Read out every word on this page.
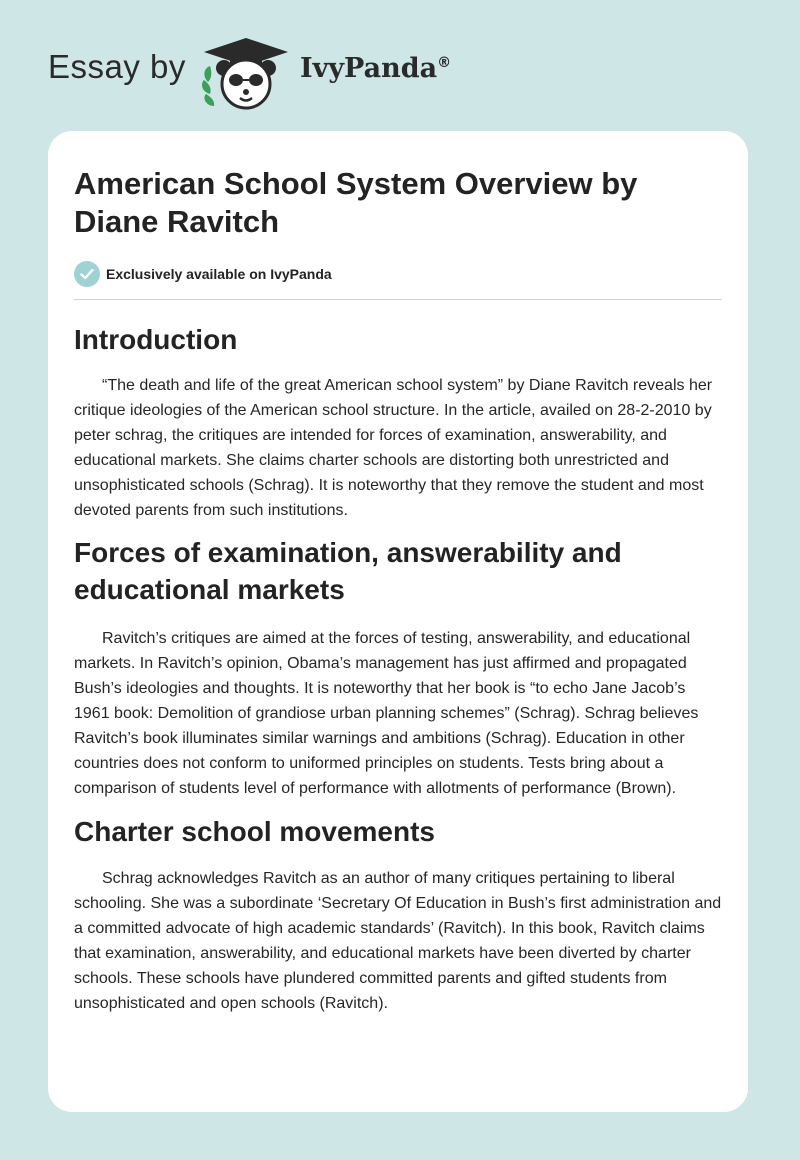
Essay by	IvyPanda®
American School System Overview by Diane Ravitch
Exclusively available on IvyPanda
Introduction

“The death and life of the great American school system” by Diane Ravitch reveals her critique ideologies of the American school structure. In the article, availed on 28-2-2010 by peter schrag, the critiques are intended for forces of examination, answerability, and educational markets. She claims charter schools are distorting both unrestricted and unsophisticated schools (Schrag). It is noteworthy that they remove the student and most devoted parents from such institutions.

Forces of examination, answerability and educational markets

Ravitch’s critiques are aimed at the forces of testing, answerability, and educational markets. In Ravitch’s opinion, Obama’s management has just affirmed and propagated Bush’s ideologies and thoughts. It is noteworthy that her book is “to echo Jane Jacob’s 1961 book: Demolition of grandiose urban planning schemes” (Schrag). Schrag believes Ravitch’s book illuminates similar warnings and ambitions (Schrag). Education in other countries does not conform to uniformed principles on students. Tests bring about a comparison of students level of performance with allotments of performance (Brown).

Charter school movements

Schrag acknowledges Ravitch as an author of many critiques pertaining to liberal schooling. She was a subordinate ‘Secretary Of Education in Bush’s first administration and a committed advocate of high academic standards’ (Ravitch). In this book, Ravitch claims that examination, answerability, and educational markets have been diverted by charter schools. These schools have plundered committed parents and gifted students from unsophisticated and open schools (Ravitch).
